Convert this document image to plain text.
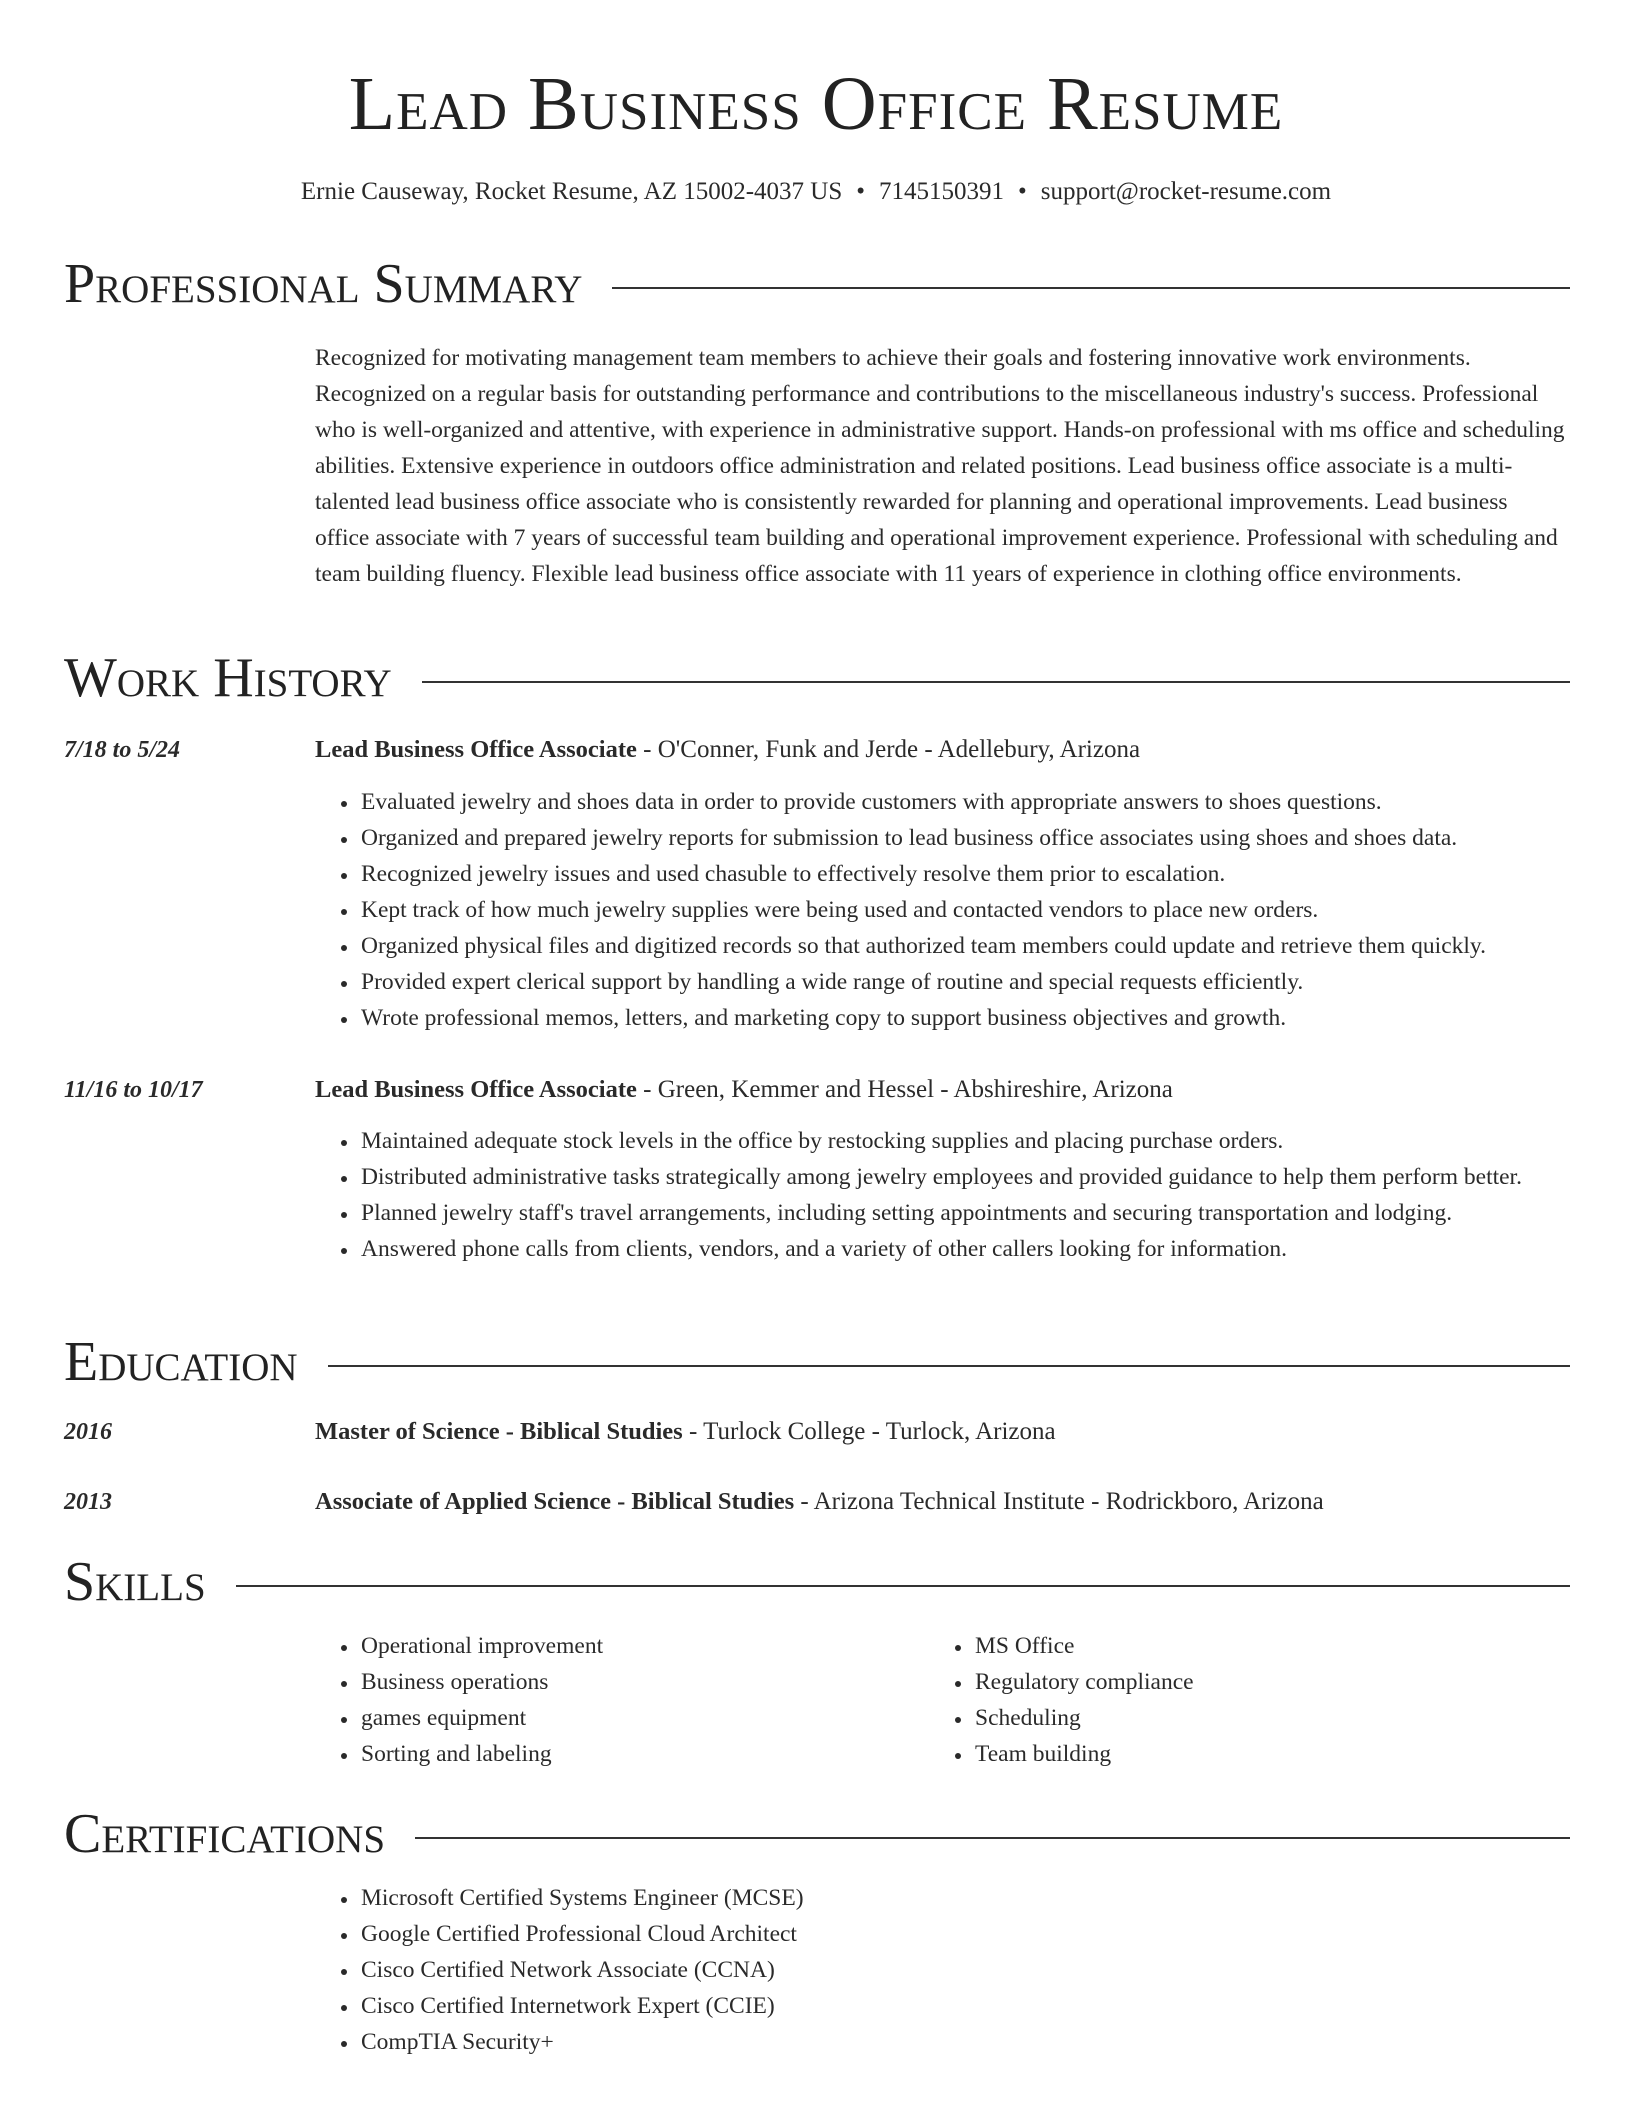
Lead Business Office Resume
Ernie Causeway, Rocket Resume, AZ 15002-4037 US • 7145150391 • support@rocket-resume.com
Professional Summary

Recognized for motivating management team members to achieve their goals and fostering innovative work environments. Recognized on a regular basis for outstanding performance and contributions to the miscellaneous industry's success. Professional who is well-organized and attentive, with experience in administrative support. Hands-on professional with ms office and scheduling abilities. Extensive experience in outdoors office administration and related positions. Lead business office associate is a multi-talented lead business office associate who is consistently rewarded for planning and operational improvements. Lead business office associate with 7 years of successful team building and operational improvement experience. Professional with scheduling and team building fluency. Flexible lead business office associate with 11 years of experience in clothing office environments.

Work History
7/18 to 5/24	Lead Business Office Associate - O'Conner, Funk and Jerde - Adellebury, Arizona
• Evaluated jewelry and shoes data in order to provide customers with appropriate answers to shoes questions.
• Organized and prepared jewelry reports for submission to lead business office associates using shoes and shoes data.
• Recognized jewelry issues and used chasuble to effectively resolve them prior to escalation.
• Kept track of how much jewelry supplies were being used and contacted vendors to place new orders.
• Organized physical files and digitized records so that authorized team members could update and retrieve them quickly.
• Provided expert clerical support by handling a wide range of routine and special requests efficiently.
• Wrote professional memos, letters, and marketing copy to support business objectives and growth.
11/16 to 10/17	Lead Business Office Associate - Green, Kemmer and Hessel - Abshireshire, Arizona
• Maintained adequate stock levels in the office by restocking supplies and placing purchase orders.
• Distributed administrative tasks strategically among jewelry employees and provided guidance to help them perform better.
• Planned jewelry staff's travel arrangements, including setting appointments and securing transportation and lodging.
• Answered phone calls from clients, vendors, and a variety of other callers looking for information.
Education
2016	Master of Science - Biblical Studies - Turlock College - Turlock, Arizona
2013	Associate of Applied Science - Biblical Studies - Arizona Technical Institute - Rodrickboro, Arizona
Skills
• Operational improvement
• Business operations
• games equipment
• Sorting and labeling
• MS Office
• Regulatory compliance
• Scheduling
• Team building
Certifications
• Microsoft Certified Systems Engineer (MCSE)
• Google Certified Professional Cloud Architect
• Cisco Certified Network Associate (CCNA)
• Cisco Certified Internetwork Expert (CCIE)
• CompTIA Security+
